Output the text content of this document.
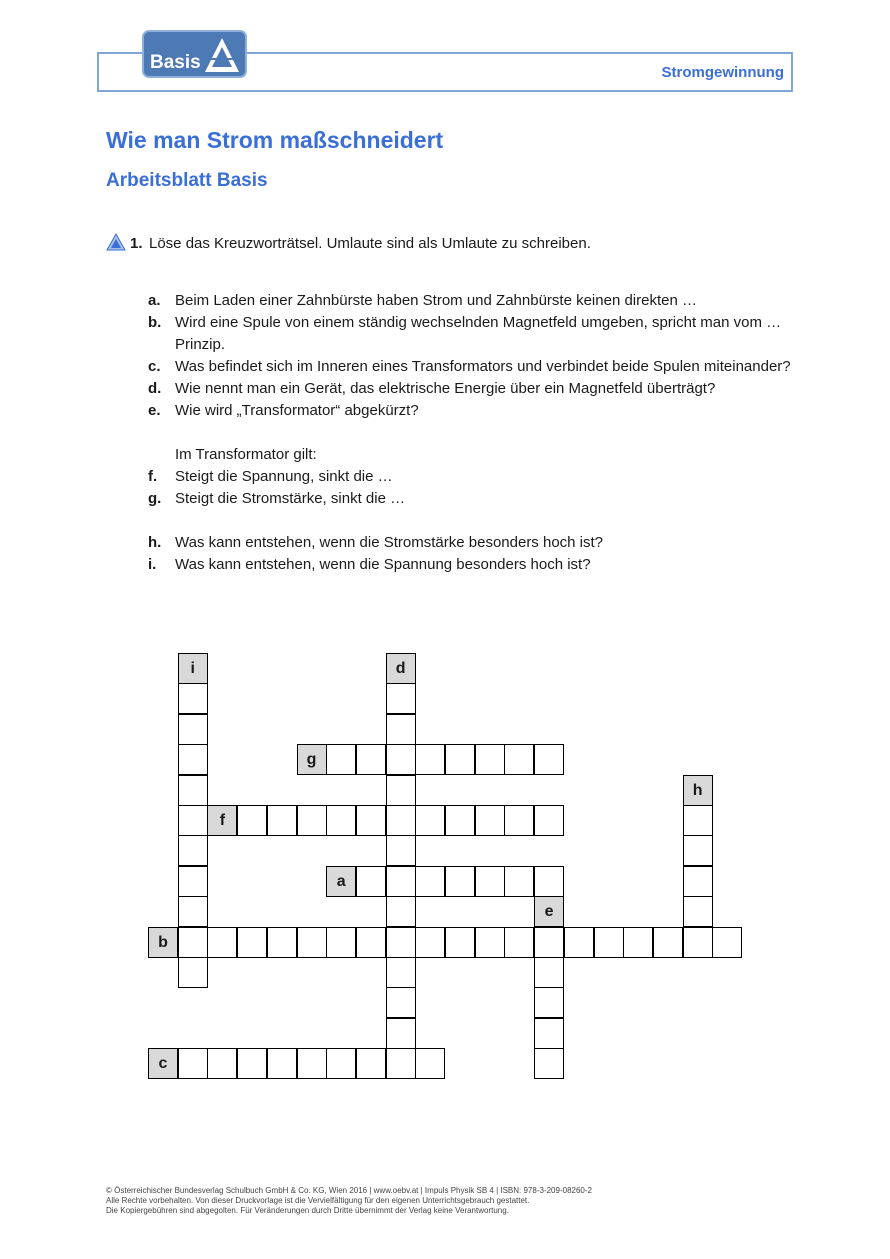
Basis	Stromgewinnung
Wie man Strom maßschneidert
Arbeitsblatt Basis
1. Löse das Kreuzworträtsel. Umlaute sind als Umlaute zu schreiben.
a. Beim Laden einer Zahnbürste haben Strom und Zahnbürste keinen direkten …
b. Wird eine Spule von einem ständig wechselnden Magnetfeld umgeben, spricht man vom … Prinzip.
c. Was befindet sich im Inneren eines Transformators und verbindet beide Spulen miteinander?
d. Wie nennt man ein Gerät, das elektrische Energie über ein Magnetfeld überträgt?
e. Wie wird „Transformator“ abgekürzt?
Im Transformator gilt:
f. Steigt die Spannung, sinkt die …
g. Steigt die Stromstärke, sinkt die …
h. Was kann entstehen, wenn die Stromstärke besonders hoch ist?
i. Was kann entstehen, wenn die Spannung besonders hoch ist?
i	d
g
h
f
a
e
b
c
© Österreichischer Bundesverlag Schulbuch GmbH & Co. KG, Wien 2016 | www.oebv.at | Impuls Physik SB 4 | ISBN: 978-3-209-08260-2
Alle Rechte vorbehalten. Von dieser Druckvorlage ist die Vervielfältigung für den eigenen Unterrichtsgebrauch gestattet.
Die Kopiergebühren sind abgegolten. Für Veränderungen durch Dritte übernimmt der Verlag keine Verantwortung.
